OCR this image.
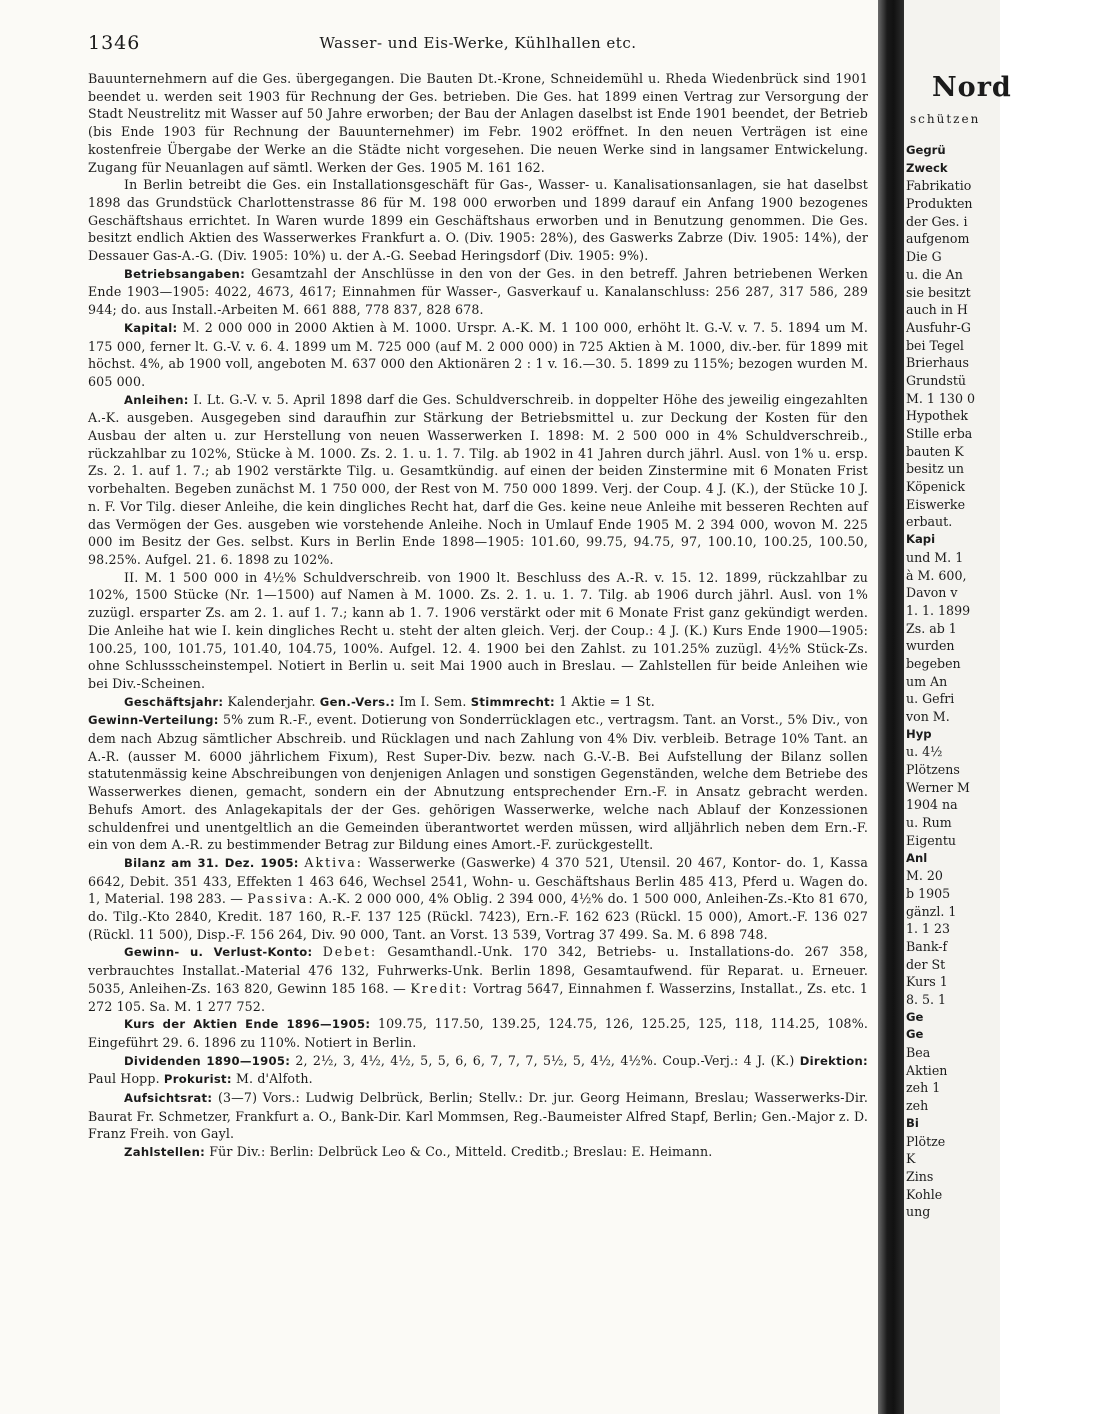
1346	Wasser- und Eis-Werke, Kühlhallen etc.

Bauunternehmern auf die Ges. übergegangen. Die Bauten Dt.-Krone, Schneidemühl u. Rheda Wiedenbrück sind 1901 beendet u. werden seit 1903 für Rechnung der Ges. betrieben. Die Ges. hat 1899 einen Vertrag zur Versorgung der Stadt Neustrelitz mit Wasser auf 50 Jahre erworben; der Bau der Anlagen daselbst ist Ende 1901 beendet, der Betrieb (bis Ende 1903 für Rechnung der Bauunternehmer) im Febr. 1902 eröffnet. In den neuen Verträgen ist eine kostenfreie Übergabe der Werke an die Städte nicht vorgesehen. Die neuen Werke sind in langsamer Entwickelung. Zugang für Neuanlagen auf sämtl. Werken der Ges. 1905 M. 161 162.

In Berlin betreibt die Ges. ein Installationsgeschäft für Gas-, Wasser- u. Kanalisationsanlagen, sie hat daselbst 1898 das Grundstück Charlottenstrasse 86 für M. 198 000 erworben und 1899 darauf ein Anfang 1900 bezogenes Geschäftshaus errichtet. In Waren wurde 1899 ein Geschäftshaus erworben und in Benutzung genommen. Die Ges. besitzt endlich Aktien des Wasserwerkes Frankfurt a. O. (Div. 1905: 28%), des Gaswerks Zabrze (Div. 1905: 14%), der Dessauer Gas-A.-G. (Div. 1905: 10%) u. der A.-G. Seebad Heringsdorf (Div. 1905: 9%).

Betriebsangaben: Gesamtzahl der Anschlüsse in den von der Ges. in den betreff. Jahren betriebenen Werken Ende 1903—1905: 4022, 4673, 4617; Einnahmen für Wasser-, Gasverkauf u. Kanalanschluss: 256 287, 317 586, 289 944; do. aus Install.-Arbeiten M. 661 888, 778 837, 828 678.

Kapital: M. 2 000 000 in 2000 Aktien à M. 1000. Urspr. A.-K. M. 1 100 000, erhöht lt. G.-V. v. 7. 5. 1894 um M. 175 000, ferner lt. G.-V. v. 6. 4. 1899 um M. 725 000 (auf M. 2 000 000) in 725 Aktien à M. 1000, div.-ber. für 1899 mit höchst. 4%, ab 1900 voll, angeboten M. 637 000 den Aktionären 2 : 1 v. 16.—30. 5. 1899 zu 115%; bezogen wurden M. 605 000.

Anleihen: I. Lt. G.-V. v. 5. April 1898 darf die Ges. Schuldverschreib. in doppelter Höhe des jeweilig eingezahlten A.-K. ausgeben. Ausgegeben sind daraufhin zur Stärkung der Betriebsmittel u. zur Deckung der Kosten für den Ausbau der alten u. zur Herstellung von neuen Wasserwerken I. 1898: M. 2 500 000 in 4% Schuldverschreib., rückzahlbar zu 102%, Stücke à M. 1000. Zs. 2. 1. u. 1. 7. Tilg. ab 1902 in 41 Jahren durch jährl. Ausl. von 1% u. ersp. Zs. 2. 1. auf 1. 7.; ab 1902 verstärkte Tilg. u. Gesamtkündig. auf einen der beiden Zinstermine mit 6 Monaten Frist vorbehalten. Begeben zunächst M. 1 750 000, der Rest von M. 750 000 1899. Verj. der Coup. 4 J. (K.), der Stücke 10 J. n. F. Vor Tilg. dieser Anleihe, die kein dingliches Recht hat, darf die Ges. keine neue Anleihe mit besseren Rechten auf das Vermögen der Ges. ausgeben wie vorstehende Anleihe. Noch in Umlauf Ende 1905 M. 2 394 000, wovon M. 225 000 im Besitz der Ges. selbst. Kurs in Berlin Ende 1898—1905: 101.60, 99.75, 94.75, 97, 100.10, 100.25, 100.50, 98.25%. Aufgel. 21. 6. 1898 zu 102%.

II. M. 1 500 000 in 4½% Schuldverschreib. von 1900 lt. Beschluss des A.-R. v. 15. 12. 1899, rückzahlbar zu 102%, 1500 Stücke (Nr. 1—1500) auf Namen à M. 1000. Zs. 2. 1. u. 1. 7. Tilg. ab 1906 durch jährl. Ausl. von 1% zuzügl. ersparter Zs. am 2. 1. auf 1. 7.; kann ab 1. 7. 1906 verstärkt oder mit 6 Monate Frist ganz gekündigt werden. Die Anleihe hat wie I. kein dingliches Recht u. steht der alten gleich. Verj. der Coup.: 4 J. (K.) Kurs Ende 1900—1905: 100.25, 100, 101.75, 101.40, 104.75, 100%. Aufgel. 12. 4. 1900 bei den Zahlst. zu 101.25% zuzügl. 4½% Stück-Zs. ohne Schlussscheinstempel. Notiert in Berlin u. seit Mai 1900 auch in Breslau. — Zahlstellen für beide Anleihen wie bei Div.-Scheinen.

Geschäftsjahr: Kalenderjahr. Gen.-Vers.: Im I. Sem. Stimmrecht: 1 Aktie = 1 St.

Gewinn-Verteilung: 5% zum R.-F., event. Dotierung von Sonderrücklagen etc., vertragsm. Tant. an Vorst., 5% Div., von dem nach Abzug sämtlicher Abschreib. und Rücklagen und nach Zahlung von 4% Div. verbleib. Betrage 10% Tant. an A.-R. (ausser M. 6000 jährlichem Fixum), Rest Super-Div. bezw. nach G.-V.-B. Bei Aufstellung der Bilanz sollen statutenmässig keine Abschreibungen von denjenigen Anlagen und sonstigen Gegenständen, welche dem Betriebe des Wasserwerkes dienen, gemacht, sondern ein der Abnutzung entsprechender Ern.-F. in Ansatz gebracht werden. Behufs Amort. des Anlagekapitals der der Ges. gehörigen Wasserwerke, welche nach Ablauf der Konzessionen schuldenfrei und unentgeltlich an die Gemeinden überantwortet werden müssen, wird alljährlich neben dem Ern.-F. ein von dem A.-R. zu bestimmender Betrag zur Bildung eines Amort.-F. zurückgestellt.

Bilanz am 31. Dez. 1905: Aktiva: Wasserwerke (Gaswerke) 4 370 521, Utensil. 20 467, Kontor- do. 1, Kassa 6642, Debit. 351 433, Effekten 1 463 646, Wechsel 2541, Wohn- u. Geschäftshaus Berlin 485 413, Pferd u. Wagen do. 1, Material. 198 283. — Passiva: A.-K. 2 000 000, 4% Oblig. 2 394 000, 4½% do. 1 500 000, Anleihen-Zs.-Kto 81 670, do. Tilg.-Kto 2840, Kredit. 187 160, R.-F. 137 125 (Rückl. 7423), Ern.-F. 162 623 (Rückl. 15 000), Amort.-F. 136 027 (Rückl. 11 500), Disp.-F. 156 264, Div. 90 000, Tant. an Vorst. 13 539, Vortrag 37 499. Sa. M. 6 898 748.

Gewinn- u. Verlust-Konto: Debet: Gesamthandl.-Unk. 170 342, Betriebs- u. Installations-do. 267 358, verbrauchtes Installat.-Material 476 132, Fuhrwerks-Unk. Berlin 1898, Gesamtaufwend. für Reparat. u. Erneuer. 5035, Anleihen-Zs. 163 820, Gewinn 185 168. — Kredit: Vortrag 5647, Einnahmen f. Wasserzins, Installat., Zs. etc. 1 272 105. Sa. M. 1 277 752.

Kurs der Aktien Ende 1896—1905: 109.75, 117.50, 139.25, 124.75, 126, 125.25, 125, 118, 114.25, 108%. Eingeführt 29. 6. 1896 zu 110%. Notiert in Berlin.

Dividenden 1890—1905: 2, 2½, 3, 4½, 4½, 5, 5, 6, 6, 7, 7, 7, 5½, 5, 4½, 4½%. Coup.-Verj.: 4 J. (K.) Direktion: Paul Hopp. Prokurist: M. d'Alfoth.

Aufsichtsrat: (3—7) Vors.: Ludwig Delbrück, Berlin; Stellv.: Dr. jur. Georg Heimann, Breslau; Wasserwerks-Dir. Baurat Fr. Schmetzer, Frankfurt a. O., Bank-Dir. Karl Mommsen, Reg.-Baumeister Alfred Stapf, Berlin; Gen.-Major z. D. Franz Freih. von Gayl.

Zahlstellen: Für Div.: Berlin: Delbrück Leo & Co., Mitteld. Creditb.; Breslau: E. Heimann.

Nord
schützen
Gegrü
Zweck
Fabrikatio
Produkten
der Ges. i
aufgenom
Die G
u. die An
sie besitzt
auch in H
Ausfuhr-G
bei Tegel
Brierhaus
Grundstü
M. 1 130 0
Hypothek
Stille erba
bauten K
besitz un
Köpenick
Eiswerke
erbaut.
Kapi
und M. 1
à M. 600,
Davon v
1. 1. 1899
Zs. ab 1
wurden
begeben
um An
u. Gefri
von M.
Hyp
u. 4½
Plötzens
Werner M
1904 na
u. Rum
Eigentu
Anl
M. 20
b 1905
gänzl. 1
1. 1 23
Bank-f
der St
Kurs 1
8. 5. 1
Ge
Ge
Bea
Aktien
zeh 1
zeh
Bi
Plötze
K
Zins
Kohle
ung
